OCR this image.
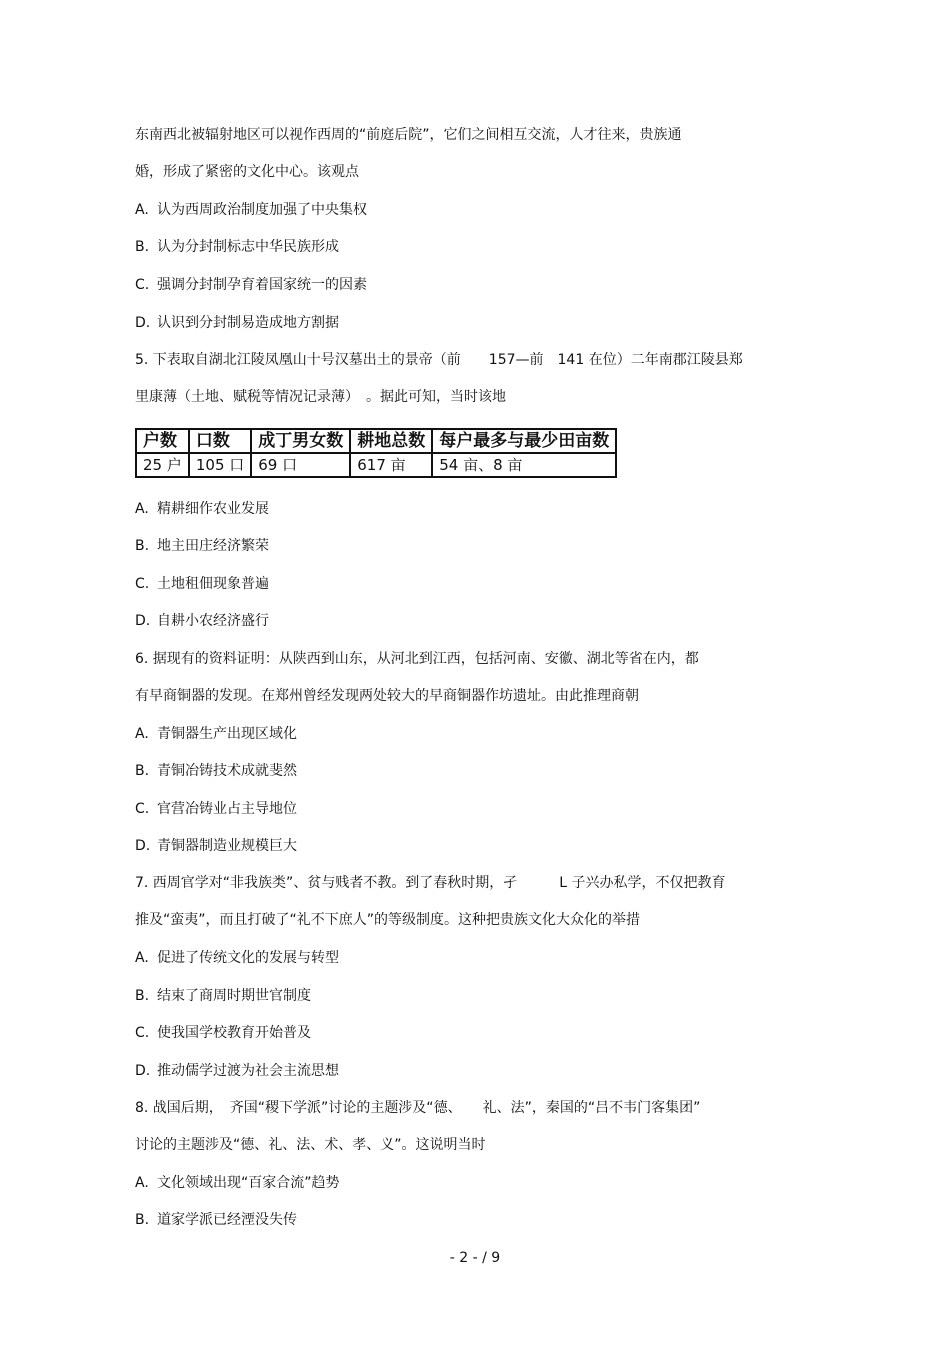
东南西北被辐射地区可以视作西周的“前庭后院”，它们之间相互交流，人才往来，贵族通
婚，形成了紧密的文化中心。该观点
A. 认为西周政治制度加强了中央集权
B. 认为分封制标志中华民族形成
C. 强调分封制孕育着国家统一的因素
D. 认识到分封制易造成地方割据
5. 下表取自湖北江陵凤凰山十号汉墓出土的景帝（前　　157—前　141 在位）二年南郡江陵县郑
里康薄（土地、赋税等情况记录薄）　。据此可知，当时该地
户数	口数	成丁男女数	耕地总数	每户最多与最少田亩数
25 户	105 口	69 口	617 亩	54 亩、8 亩
A. 精耕细作农业发展
B. 地主田庄经济繁荣
C. 土地租佃现象普遍
D. 自耕小农经济盛行
6. 据现有的资料证明：从陕西到山东，从河北到江西，包括河南、安徽、湖北等省在内，都
有早商铜器的发现。在郑州曾经发现两处较大的早商铜器作坊遗址。由此推理商朝
A. 青铜器生产出现区域化
B. 青铜冶铸技术成就斐然
C. 官营冶铸业占主导地位
D. 青铜器制造业规模巨大
7. 西周官学对“非我族类”、贫与贱者不教。到了春秋时期，孑　　　L 子兴办私学，不仅把教育
推及“蛮夷”，而且打破了“礼不下庶人”的等级制度。这种把贵族文化大众化的举措
A. 促进了传统文化的发展与转型
B. 结束了商周时期世官制度
C. 使我国学校教育开始普及
D. 推动儒学过渡为社会主流思想
8. 战国后期，　齐国“稷下学派”讨论的主题涉及“德、　　礼、法”，秦国的“吕不韦门客集团”
讨论的主题涉及“德、礼、法、术、孝、义”。这说明当时
A. 文化领域出现“百家合流”趋势
B. 道家学派已经湮没失传
- 2 - / 9
